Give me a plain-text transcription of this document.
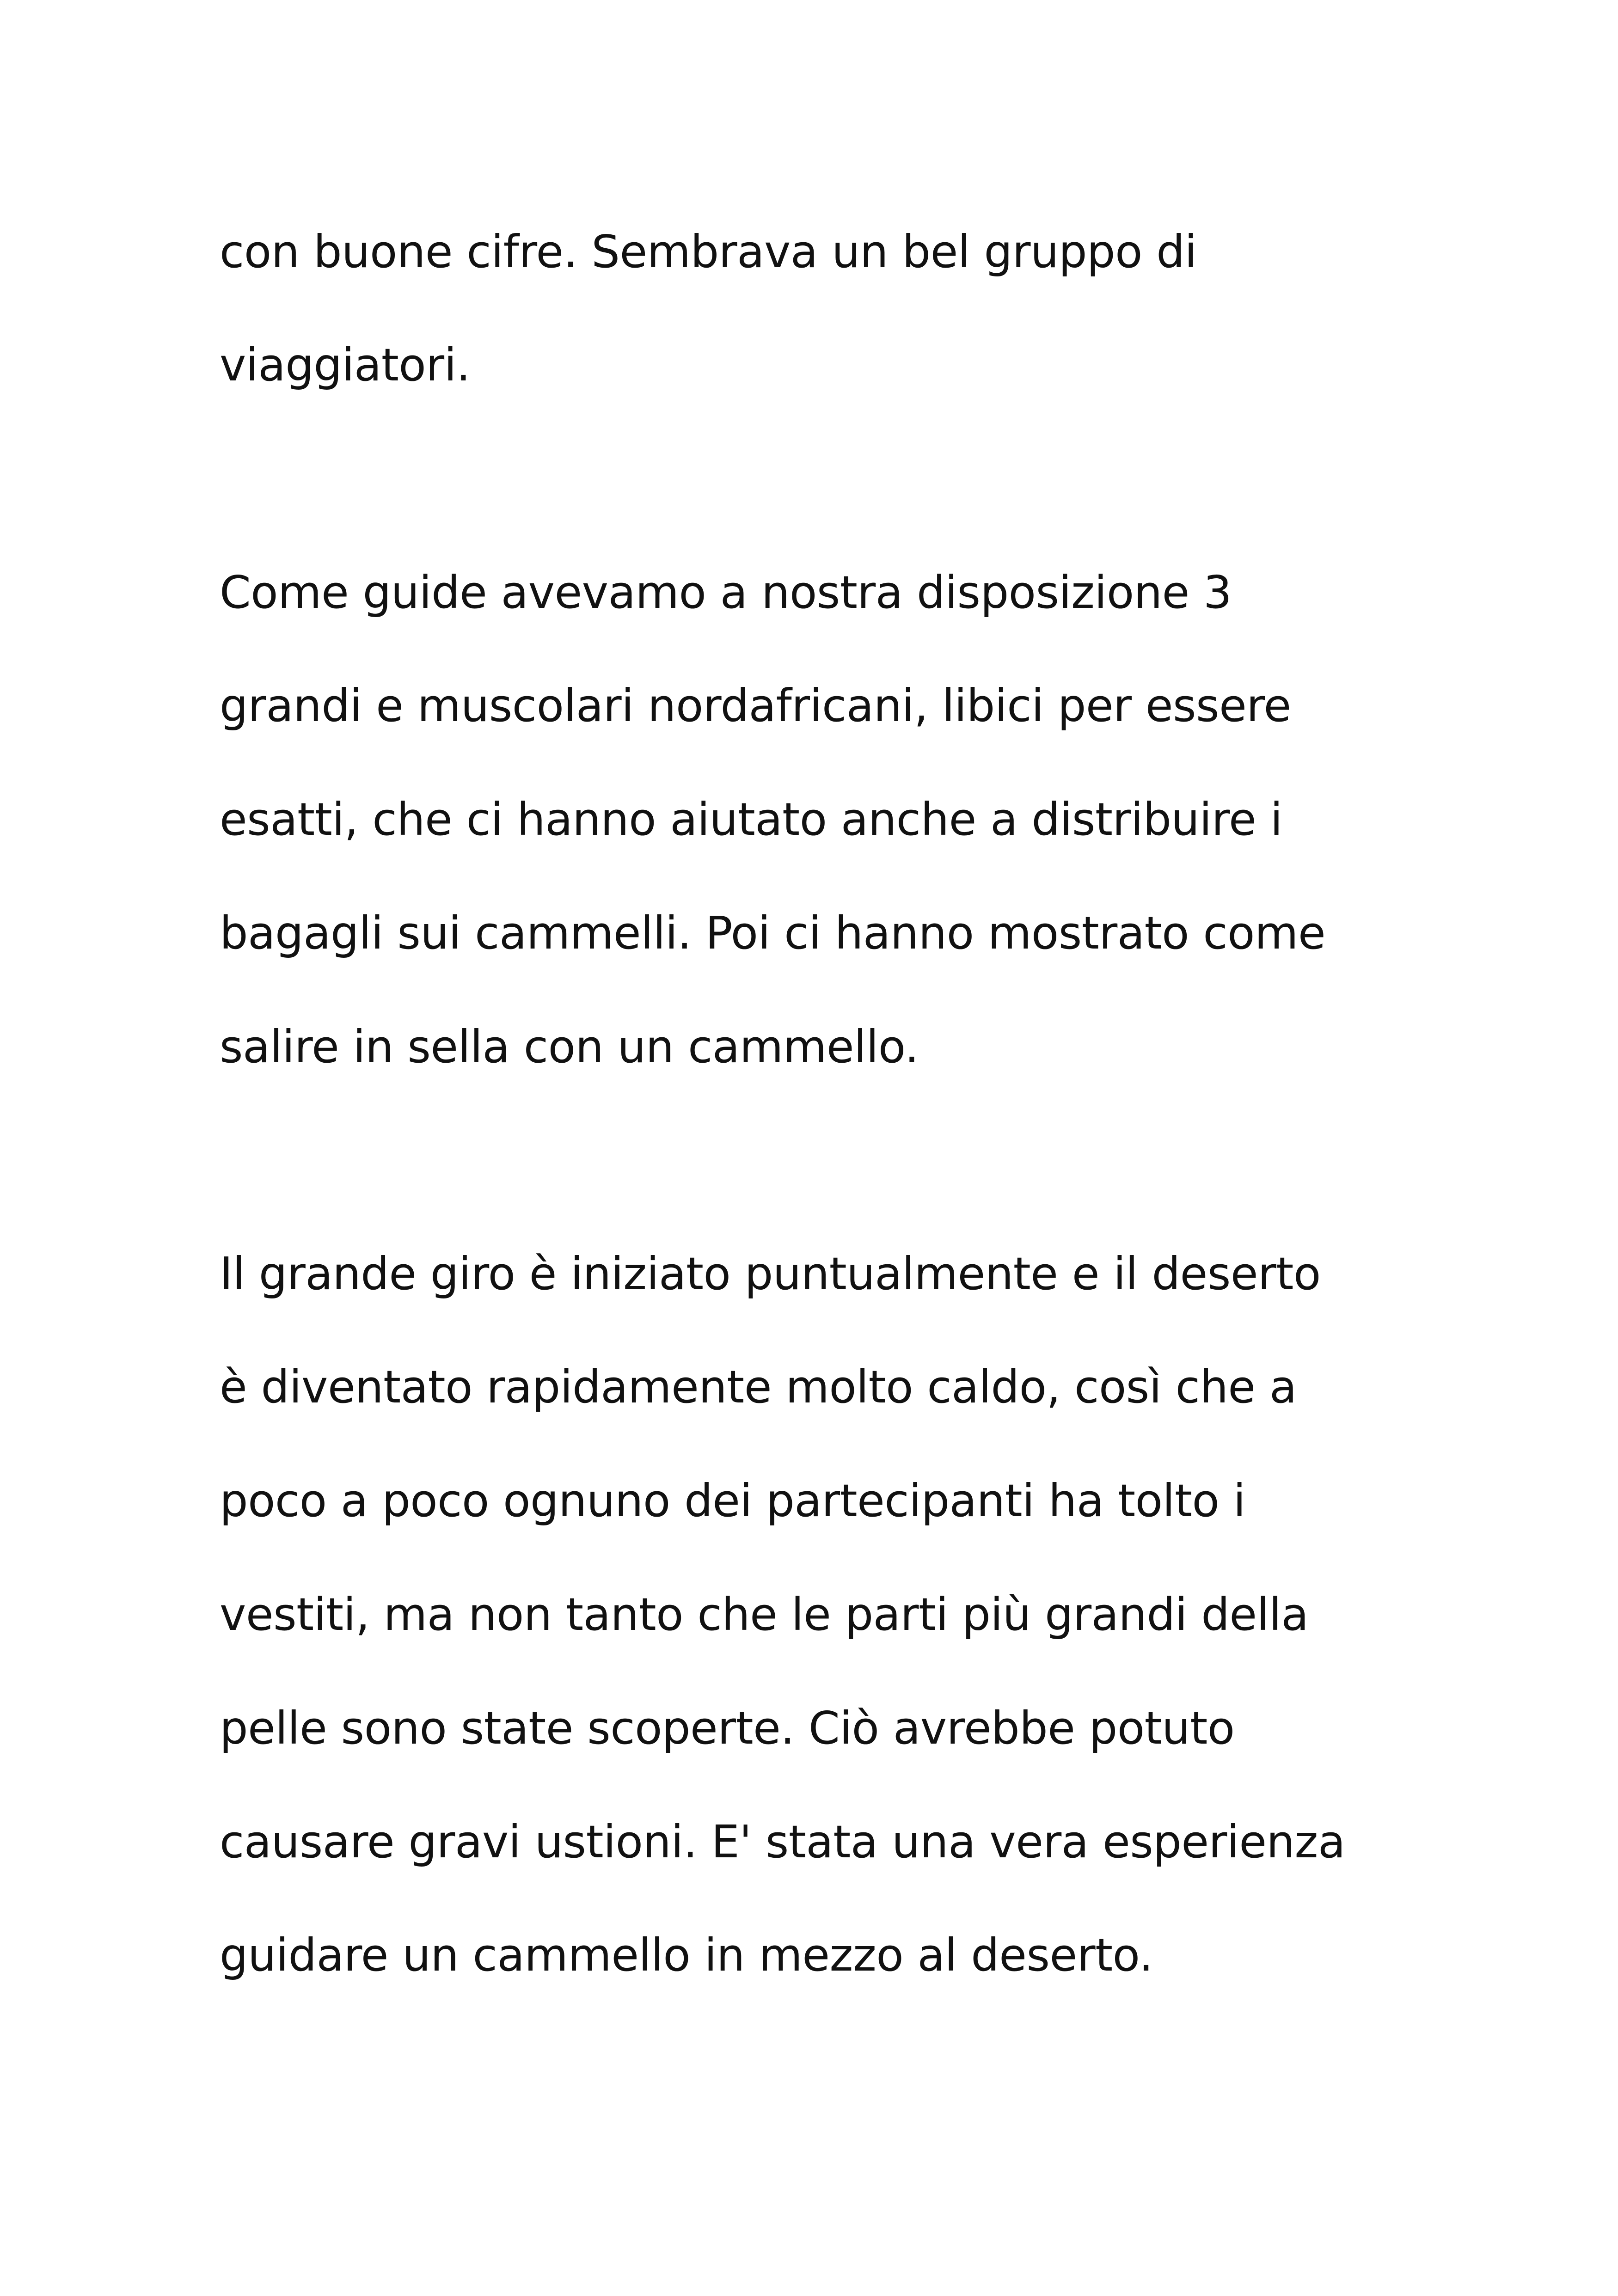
con buone cifre. Sembrava un bel gruppo di
viaggiatori.
Come guide avevamo a nostra disposizione 3
grandi e muscolari nordafricani, libici per essere
esatti, che ci hanno aiutato anche a distribuire i
bagagli sui cammelli. Poi ci hanno mostrato come
salire in sella con un cammello.
Il grande giro è iniziato puntualmente e il deserto
è diventato rapidamente molto caldo, così che a
poco a poco ognuno dei partecipanti ha tolto i
vestiti, ma non tanto che le parti più grandi della
pelle sono state scoperte. Ciò avrebbe potuto
causare gravi ustioni. E' stata una vera esperienza
guidare un cammello in mezzo al deserto.
